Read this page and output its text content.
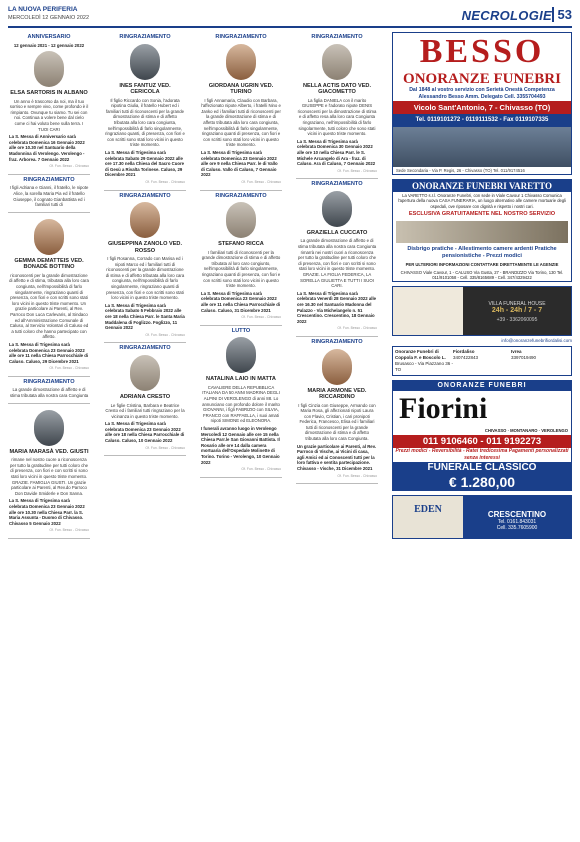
LA NUOVA PERIFERIA
MERCOLEDÌ 12 GENNAIO 2022	NECROLOGIE 53
ANNIVERSARIO
12 gennaio 2021 - 12 gennaio 2022
ELSA SARTORIS IN ALBANO
Un anno è trascorso da noi, ma il tuo sorriso e sempre vivo, come profondo è il rimpianto. Ovunque tu siamo. Tu sei con noi. Continua a volere bene dal cielo come ci hai voluto bene sulla terra. I TUOI CARI
La S. Messa di Anniversario sarà celebrata Domenica 16 Gennaio 2022 alle ore 10.30 nel Santuario della Madonnina di Verolengo. Verolengo - fraz. Arborea. 7 Gennaio 2022
Of. Fun. Besso - Chivasso
RINGRAZIAMENTO
I figli Adriana e Gianni, il fratello, le nipote Alice, la sorella Maria Pia ed il fratello Giuseppe, il cognato Gianbattista ed i familiari tutti di
GEMMA DEMATTEIS VED. BONADÈ BOTTINO
riconoscenti per la grande dimostrazione di affetto e di stima, tributata alla loro cara congiunta, nell'impossibilità di farlo singolarmente, ringraziano quanti di presenza, con fiori e con scritti sono stati loro vicini in questo triste momento. Un grazie particolare ai Parenti, al Rev. Parroco Don Luca Carlevaris, al Sindaco ed all'Amministrazione Comunale di Caluso, al Servizio Volontari di Caluso ed a tutti coloro che hanno partecipato con affetto.
La S. Messa di Trigesima sarà celebrata Domenica 23 Gennaio 2022 alle ore 11 nella Chiesa Parrocchiale di Caluso. Caluso, 29 Dicembre 2021
Of. Fun. Besso - Chivasso
RINGRAZIAMENTO
La grande dimostrazione di affetto e di stima tributata alla nostra cara Congiunta
MARIA MARASÀ VED. GIUSTI
rimane nel nostro cuore a riconoscenza per tutto la gratitudine per tutti coloro che di presenza, con fiori e con scritti si sono stati loro vicini in questo triste momento. GRAZIE. FAMIGLIA GIUSTI. Un grazie particolare ai Parenti, al Rev.do Parroco Don Davide Smiderle e Don Sanna.
La S. Messa di Trigesima sarà celebrata Domenica 23 Gennaio 2022 alle ore 10.30 nella Chiesa Parr. la S. Maria Assunta - Duomo di Chivasso. Chivasso 5 Gennaio 2022
Of. Fun. Besso - Chivasso
RINGRAZIAMENTO
INES FANTUZ VED. CERICOLA
Il figlio Riccardo con Sonia, l'adorata nipotina Giulia, il fratello Hubert ed i familiari tutti di riconoscenti per la grande dimostrazione di stima e di affetto tributata alla loro cara congiunta, nell'impossibilità di farlo singolarmente, ringraziano quanti, di presenza, con fiori e con scritti sono stati loro vicini in questo triste momento.
La S. Messa di Trigesima sarà celebrata Sabato 29 Gennaio 2022 alle ore 17.30 nella Chiesa del Sacro Cuore di Gesù a Rivalta Torinese. Caluso, 29 Dicembre 2021
Of. Fun. Besso - Chivasso
RINGRAZIAMENTO
GIUSEPPINA ZANOLO VED. ROSSO
I figli Rosanna, Corrado con Marisa ed i nipoti Marco ed i familiari tutti di riconoscenti per la grande dimostrazione di stima e di affetto tributata alla loro cara congiunta, nell'impossibilità di farlo singolarmente, ringraziano quanti di presenza, con fiori e con scritti sono stati loro vicini in questo triste momento.
La S. Messa di Trigesima sarà celebrata Sabato 5 Febbraio 2022 alle ore 18 nella Chiesa Parr. le Santa Maria Maddalena di Foglizzo. Foglizzo, 11 Gennaio 2022
Of. Fun. Besso - Chivasso
RINGRAZIAMENTO
ADRIANA CRESTO
Le figlie Cristina, Barbara e Beatrice Cresto ed i familiari tutti ringraziano per la vicinanza in questo triste momento.
La S. Messa di Trigesima sarà celebrata Domenica 23 Gennaio 2022 alle ore 18 nella Chiesa Parrocchiale di Caluso. Caluso, 10 Gennaio 2022
Of. Fun. Besso - Chivasso
RINGRAZIAMENTO
GIORDANA UGRIN VED. TURINO
I figli Annamaria, Claudio con Barbara, l'affezionato nipote Alberto, i fratelli Nino e Janko ed i familiari tutti di riconoscenti per la grande dimostrazione di stima e di affetto tributata alla loro cara congiunta, nell'impossibilità di farlo singolarmente, ringraziano quanti di presenza, con fiori e con scritti sono stati loro vicini in questo triste momento.
La S. Messa di Trigesima sarà celebrata Domenica 23 Gennaio 2022 alle ore 9 nella Chiesa Parr. le di Vallo di Caluso. Vallo di Caluso, 7 Gennaio 2022
Of. Fun. Besso - Chivasso
RINGRAZIAMENTO
STEFANO RICCA
I familiari tutti di riconoscenti per la grande dimostrazione di stima e di affetto tributata al loro caro congiunto, nell'impossibilità di farlo singolarmente, ringraziano quanti di presenza, con fiori e con scritti sono stati loro vicini in questo triste momento.
La S. Messa di Trigesima sarà celebrata Domenica 23 Gennaio 2022 alle ore 11 nella Chiesa Parrocchiale di Caluso. Caluso, 31 Dicembre 2021
Of. Fun. Besso - Chivasso
LUTTO
NATALINA LAIO IN MATTA
CAVALIERE DELLA REPUBBLICA ITALIANA DA 50 ANNI MADRINA DEGLI ALPINI DI VEROLENGO di anni 88. Lo annunciano con profondo dolore il marito GIOVANNI, i figli FABRIZIO con SILVIA, FRANCO con RAFFAELLA, i suoi amati nipoti SIMONE ed ELEONORA.
I funerali avranno luogo in Verolengo Mercoledì 12 Gennaio alle ore 15 nella Chiesa Parr.le San Giovanni Battista. Il Rosario alle ore 14 dalla camera mortuaria dell'Ospedale Molinette di Torino. Torino - Verolengo, 10 Gennaio 2022
Of. Fun. Besso - Chivasso
RINGRAZIAMENTO
NELLA ACTIS DATO VED. GIACOMETTO
La figlia DANIELA con il marito GIUSEPPE e l'adorato nipote DENIS riconoscenti per la dimostrazione di stima e di affetto resa alla loro cara Congiunta ringraziano, nell'impossibilità di farlo singolarmente, tutti coloro che sono stati vicini in questo triste momento.
La S. Messa di Trigesima sarà celebrata Domenica 30 Gennaio 2022 alle ore 10 nella Chiesa Parr. le S. Michele Arcangelo di Ara - fraz. di Caluso. Ara di Caluso, 7 Gennaio 2022
Of. Fun. Besso - Chivasso
RINGRAZIAMENTO
GRAZIELLA CUCCATO
La grande dimostrazione di affetto e di stima tributata alla nostra cara Congiunta rimarrà nei nostri cuori a riconoscenza per tutto la gratitudine per tutti coloro che di presenza, con fiori e con scritti si sono stati loro vicini in questo triste momento. GRAZIE. LA FIGLIA FEDERICA, LA SORELLA GIULIETTA E TUTTI I SUOI CARI.
La S. Messa di Trigesima sarà celebrata Venerdì 28 Gennaio 2022 alle ore 16.30 nel Santuario Madonna del Palazzo - Via Michelangelo n. 51 Crescentino. Crescentino, 18 Gennaio 2022
Of. Fun. Besso - Chivasso
RINGRAZIAMENTO
MARIA ARMONE VED. RICCARDINO
I figli Cinzia con Giuseppe, Armando con Maria Rosa, gli affezionati nipoti Laura con Flavio, Cristian, i cari pronipoti Federica, Francesco, Elisa ed i familiari tutti di riconoscenti per la grande dimostrazione di stima e di affetto tributata alla loro cara Congiunta.
Un grazie particolare ai Parenti, al Rev. Parroco di Vische, ai Vicini di casa, agli Amici ed ai Conoscenti tutti per la loro fattiva e sentita partecipazione. Chivasso - Vische, 31 Dicembre 2021
Of. Fun. Besso - Chivasso
BESSO
ONORANZE FUNEBRI
Dal 1848 al vostro servizio con Serietà Onestà Competenza
Alessandro Besso Amm. Delegato Cell. 3355704493
Vicolo Sant'Antonio, 7 - Chivasso (TO)
Tel. 0119101272 - 0119111532 - Fax 0119107335
Sede Secondaria - Via P. Regis, 26 - Chivasso (TO) Tel. 011/9174516
ONORANZE FUNEBRI VARETTO
La VARETTO s.r.l. Onoranze Funebri, con sede in Viale Cavour 1 Chivasso Comunica l'apertura della nuova CASA FUNERARIA, un luogo alternativo alle camere mortuarie degli ospedali, ove riposare con dignità e rispetto i nostri cari.
ESCLUSIVA GRATUITAMENTE NEL NOSTRO SERVIZIO
Disbrigo pratiche - Allestimento camere ardenti Pratiche pensionistiche - Prezzi modici
PER ULTERIORI INFORMAZIONI CONTATTARE DIRETTAMENTE LE AGENZIE
CHIVASSO Viale Cavour, 1 - CALUSO Via Gusta, 27 - BRANDIZZO Via Torino, 130 Tel. 011/9101058 - Cell. 335/8165689 - Cell. 347/4329422
VILLA FUNERAL HOUSE
24h - 24h / 7 - 7
+39 - 3362060095
info@onoranzefunebrifiordalisi.com
Onoranze Funebri di Coppola F. e Boscolo L.
Brusasco - Via Piazzano 36 - TO
Fiordaliso
3407422843
Ivrea
3397019490
ONORANZE FUNEBRI
Fiorini
CHIVASSO · MONTANARO · VEROLENGO
011 9106460 - 011 9192273
Prezzi modici - Reversibilità - Ratei tredicesima Pagamenti personalizzati senza interessi
FUNERALE CLASSICO
€ 1.280,00
EDEN	CRESCENTINO
Tel. 0161.843031
Cell. 335.7605900
